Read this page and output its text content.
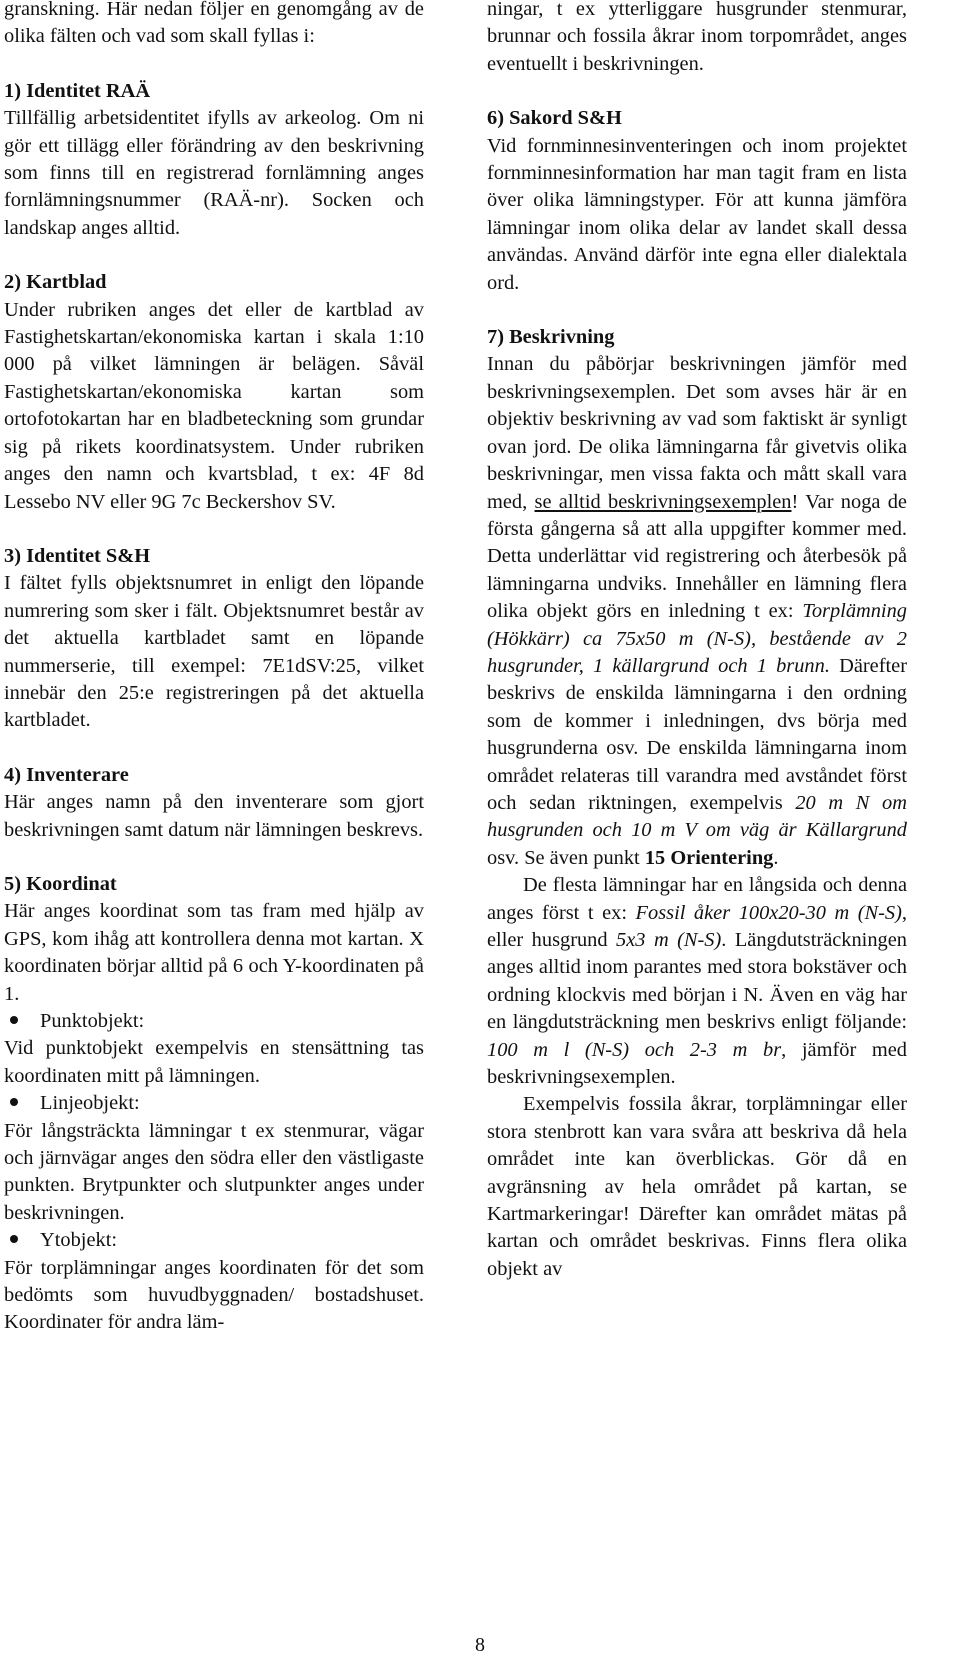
granskning. Här nedan följer en genomgång av de olika fälten och vad som skall fyllas i:

1) Identitet RAÄ

Tillfällig arbetsidentitet ifylls av arkeolog. Om ni gör ett tillägg eller förändring av den beskrivning som finns till en registrerad fornlämning anges fornlämningsnummer (RAÄ-nr). Socken och landskap anges alltid.

2) Kartblad

Under rubriken anges det eller de kartblad av Fastighetskartan/ekonomiska kartan i skala 1:10 000 på vilket lämningen är belägen. Såväl Fastighetskartan/ekonomiska kartan som ortofotokartan har en bladbeteckning som grundar sig på rikets koordinatsystem. Under rubriken anges den namn och kvartsblad, t ex: 4F 8d Lessebo NV eller 9G 7c Beckershov SV.

3) Identitet S&H

I fältet fylls objektsnumret in enligt den löpande numrering som sker i fält. Objektsnumret består av det aktuella kartbladet samt en löpande nummerserie, till exempel: 7E1dSV:25, vilket innebär den 25:e registreringen på det aktuella kartbladet.

4) Inventerare

Här anges namn på den inventerare som gjort beskrivningen samt datum när lämningen beskrevs.

5) Koordinat

Här anges koordinat som tas fram med hjälp av GPS, kom ihåg att kontrollera denna mot kartan. X koordinaten börjar alltid på 6 och Y-koordinaten på 1.

Punktobjekt:

Vid punktobjekt exempelvis en stensättning tas koordinaten mitt på lämningen.

Linjeobjekt:

För långsträckta lämningar t ex stenmurar, vägar och järnvägar anges den södra eller den västligaste punkten. Brytpunkter och slutpunkter anges under beskrivningen.

Ytobjekt:

För torplämningar anges koordinaten för det som bedömts som huvudbyggnaden/ bostadshuset. Koordinater för andra läm-

ningar, t ex ytterliggare husgrunder stenmurar, brunnar och fossila åkrar inom torpområdet, anges eventuellt i beskrivningen.

6) Sakord S&H

Vid fornminnesinventeringen och inom projektet fornminnesinformation har man tagit fram en lista över olika lämningstyper. För att kunna jämföra lämningar inom olika delar av landet skall dessa användas. Använd därför inte egna eller dialektala ord.

7) Beskrivning

Innan du påbörjar beskrivningen jämför med beskrivningsexemplen. Det som avses här är en objektiv beskrivning av vad som faktiskt är synligt ovan jord. De olika lämningarna får givetvis olika beskrivningar, men vissa fakta och mått skall vara med, se alltid beskrivningsexemplen! Var noga de första gångerna så att alla uppgifter kommer med. Detta underlättar vid registrering och återbesök på lämningarna undviks. Innehåller en lämning flera olika objekt görs en inledning t ex: Torplämning (Hökkärr) ca 75x50 m (N-S), bestående av 2 husgrunder, 1 källargrund och 1 brunn. Därefter beskrivs de enskilda lämningarna i den ordning som de kommer i inledningen, dvs börja med husgrunderna osv. De enskilda lämningarna inom området relateras till varandra med avståndet först och sedan riktningen, exempelvis 20 m N om husgrunden och 10 m V om väg är Källargrund osv. Se även punkt 15 Orientering.

De flesta lämningar har en långsida och denna anges först t ex: Fossil åker 100x20-30 m (N-S), eller husgrund 5x3 m (N-S). Längdutsträckningen anges alltid inom parantes med stora bokstäver och ordning klockvis med början i N. Även en väg har en längdutsträckning men beskrivs enligt följande: 100 m l (N-S) och 2-3 m br, jämför med beskrivningsexemplen.

Exempelvis fossila åkrar, torplämningar eller stora stenbrott kan vara svåra att beskriva då hela området inte kan överblickas. Gör då en avgränsning av hela området på kartan, se Kartmarkeringar! Därefter kan området mätas på kartan och området beskrivas. Finns flera olika objekt av

8
